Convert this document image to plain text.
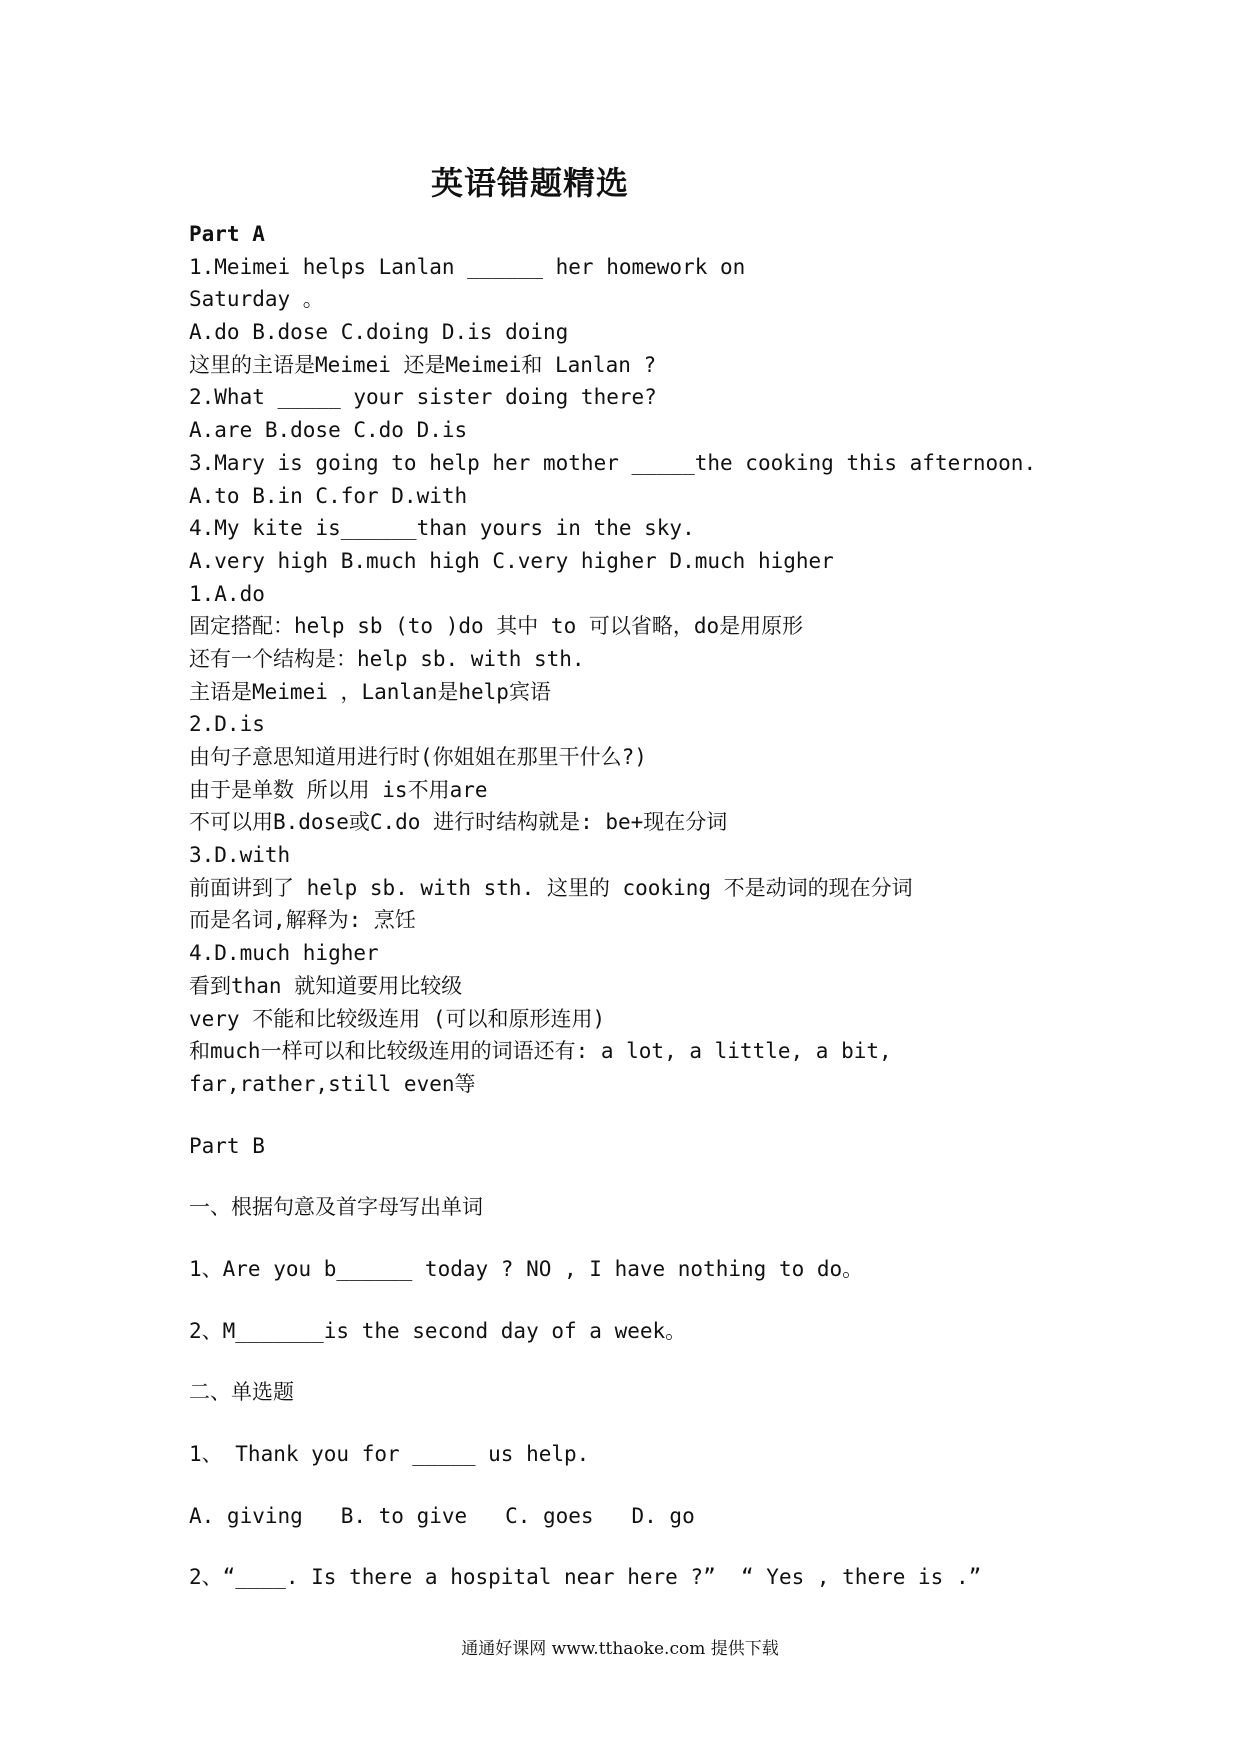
英语错题精选
Part A
1.Meimei helps Lanlan ______ her homework on
Saturday 。
A.do B.dose C.doing D.is doing
这里的主语是Meimei 还是Meimei和 Lanlan ?
2.What _____ your sister doing there?
A.are B.dose C.do D.is
3.Mary is going to help her mother _____the cooking this afternoon.
A.to B.in C.for D.with
4.My kite is______than yours in the sky.
A.very high B.much high C.very higher D.much higher
1.A.do
固定搭配：help sb (to )do 其中 to 可以省略，do是用原形
还有一个结构是：help sb. with sth.
主语是Meimei ，Lanlan是help宾语
2.D.is
由句子意思知道用进行时(你姐姐在那里干什么?)
由于是单数 所以用 is不用are
不可以用B.dose或C.do 进行时结构就是: be+现在分词
3.D.with
前面讲到了 help sb. with sth. 这里的 cooking 不是动词的现在分词
而是名词,解释为: 烹饪
4.D.much higher
看到than 就知道要用比较级
very 不能和比较级连用 (可以和原形连用)
和much一样可以和比较级连用的词语还有: a lot, a little, a bit,
far,rather,still even等
Part B
一、根据句意及首字母写出单词
1、Are you b______ today ? NO , I have nothing to do。
2、M_______is the second day of a week。
二、单选题
1、 Thank you for _____ us help.
A. giving   B. to give   C. goes   D. go
2、“____. Is there a hospital near here ?”  “ Yes , there is .”
通通好课网 www.tthaoke.com 提供下载
